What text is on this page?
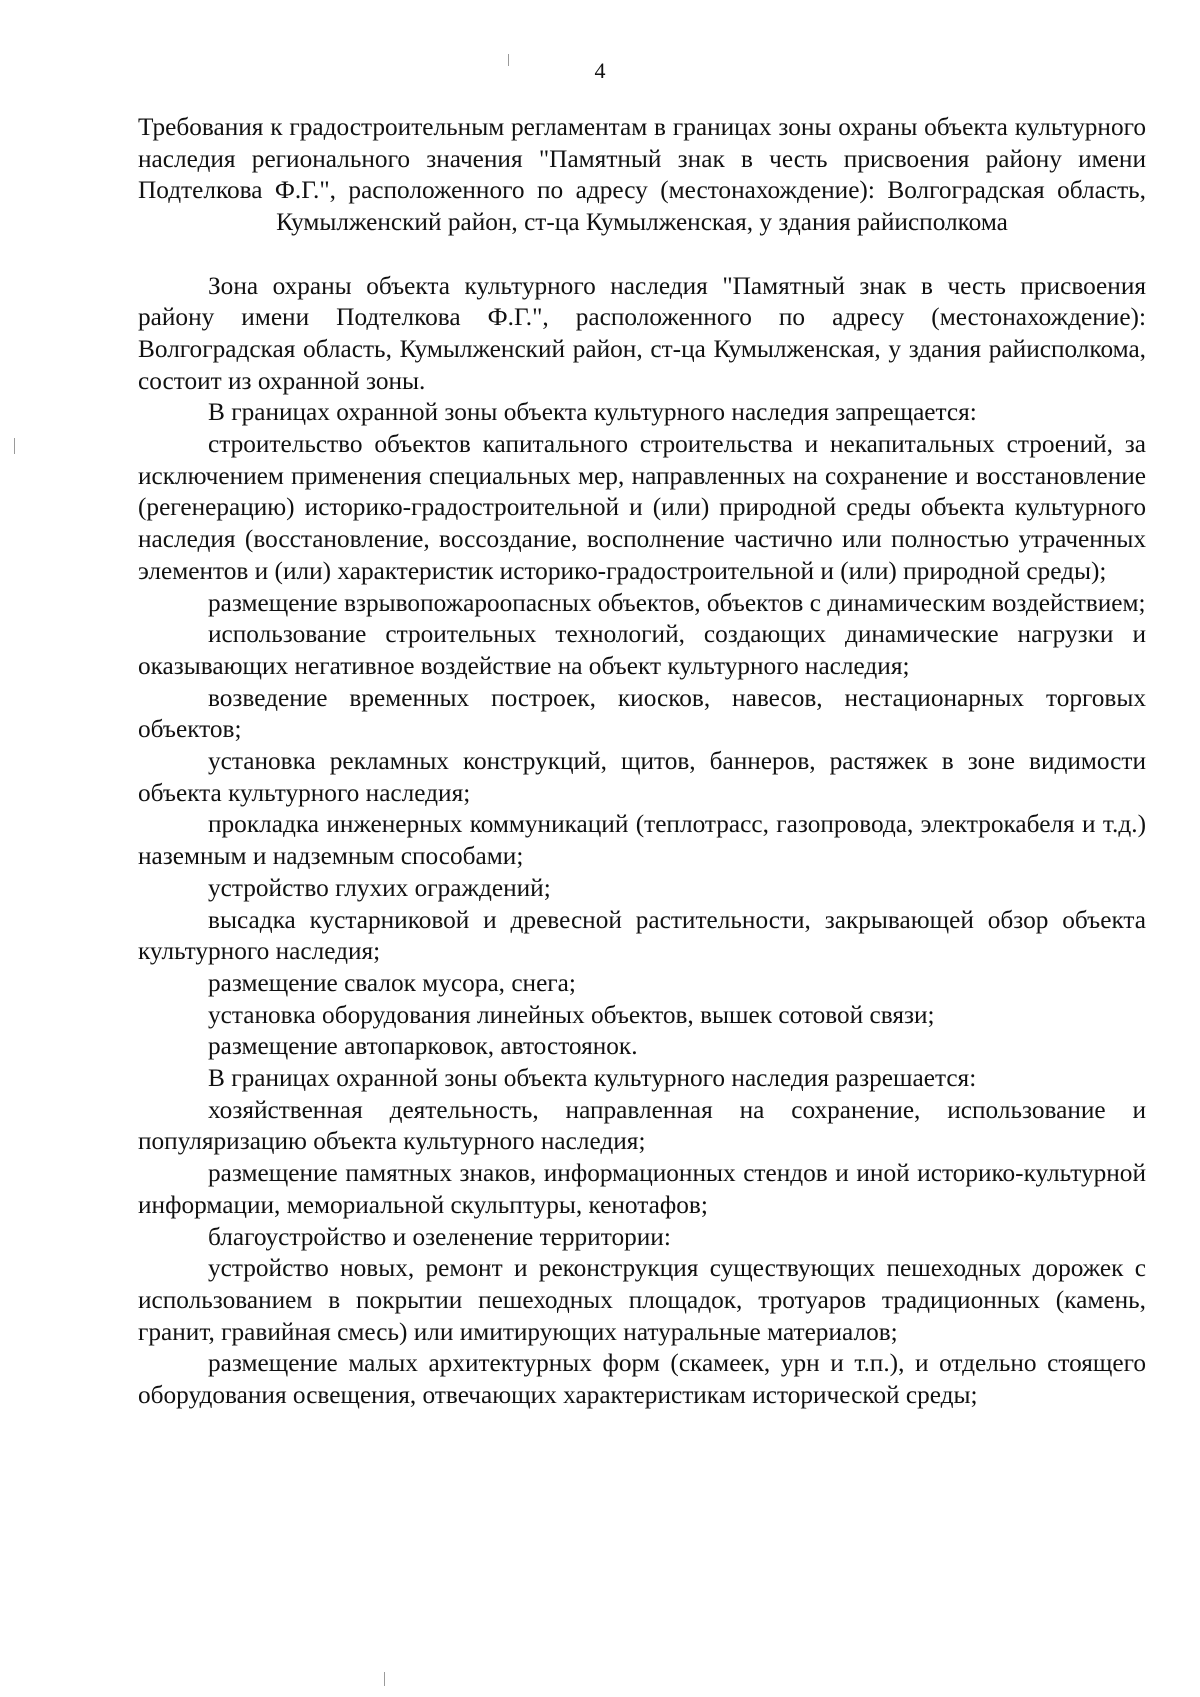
4

Требования к градостроительным регламентам в границах зоны охраны объекта культурного наследия регионального значения "Памятный знак в честь присвоения району имени Подтелкова Ф.Г.", расположенного по адресу (местонахождение): Волгоградская область, Кумылженский район, ст-ца Кумылженская, у здания райисполкома

Зона охраны объекта культурного наследия "Памятный знак в честь присвоения району имени Подтелкова Ф.Г.", расположенного по адресу (местонахождение): Волгоградская область, Кумылженский район, ст-ца Кумылженская, у здания райисполкома, состоит из охранной зоны.

В границах охранной зоны объекта культурного наследия запрещается:

строительство объектов капитального строительства и некапитальных строений, за исключением применения специальных мер, направленных на сохранение и восстановление (регенерацию) историко-градостроительной и (или) природной среды объекта культурного наследия (восстановление, воссоздание, восполнение частично или полностью утраченных элементов и (или) характеристик историко-градостроительной и (или) природной среды);

размещение взрывопожароопасных объектов, объектов с динамическим воздействием;

использование строительных технологий, создающих динамические нагрузки и оказывающих негативное воздействие на объект культурного наследия;

возведение временных построек, киосков, навесов, нестационарных торговых объектов;

установка рекламных конструкций, щитов, баннеров, растяжек в зоне видимости объекта культурного наследия;

прокладка инженерных коммуникаций (теплотрасс, газопровода, электрокабеля и т.д.) наземным и надземным способами;

устройство глухих ограждений;

высадка кустарниковой и древесной растительности, закрывающей обзор объекта культурного наследия;

размещение свалок мусора, снега;

установка оборудования линейных объектов, вышек сотовой связи;

размещение автопарковок, автостоянок.

В границах охранной зоны объекта культурного наследия разрешается:

хозяйственная деятельность, направленная на сохранение, использование и популяризацию объекта культурного наследия;

размещение памятных знаков, информационных стендов и иной историко-культурной информации, мемориальной скульптуры, кенотафов;

благоустройство и озеленение территории:

устройство новых, ремонт и реконструкция существующих пешеходных дорожек с использованием в покрытии пешеходных площадок, тротуаров традиционных (камень, гранит, гравийная смесь) или имитирующих натуральные материалов;

размещение малых архитектурных форм (скамеек, урн и т.п.), и отдельно стоящего оборудования освещения, отвечающих характеристикам исторической среды;
